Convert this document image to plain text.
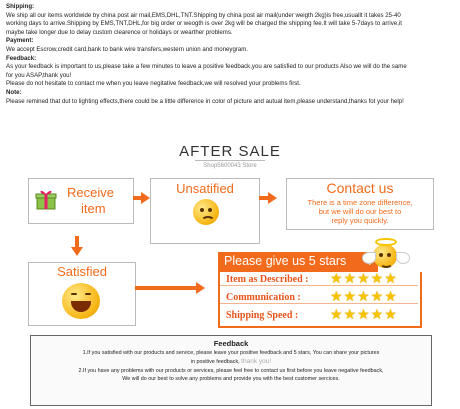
Shipping:

We ship all our items worldwide by china post air mail,EMS,DHL,TNT.Shipping by china post air mail(under weigth 2kg)is free,usuallt it takes 25-40

working days to arrive.Shipping by EMS,TNT,DHL,for big order or weogth is over 2kg will be charged the shipping fee.It will take 5-7days to arrive,it

maybe take longer due to delay custom clearence or holidays or wearther problems.

Payment:

We accept Escrow,credit card,bank to bank wire transfers,western union and moneygram.

Feedback:

As your feedback is important to us,please take a few minutes to leave a positive feedback,you are satisfied to our products Also we will do the same

for you ASAP,thank you!

Please do not hesitate to contact me when you leave negitative feedback,we will resolved your problems first.

Note:

Please remined that dut to lighting effects,there could be a little difference in color of picture and autual item,please understand,thanks fot your help!

AFTER SALE
Shop5600043 Store
Receive
item
Unsatified	Contact us
There is a time zone difference,
but we will do our best to
reply you quickly.
Satisfied
Please give us 5 stars
Item as Described : ★★★★★
Communication : ★★★★★
Shipping Speed : ★★★★★
Feedback

1.If you satisfied with our products and service, please leave your positive feedback and 5 stars, You can share your pictures

in positive feedback, thank you!

2.If you have any problems with our products or services, please feel free to contact us first before you leave negative feedback,

We will do our best to solve any problems and provide you with the best customer sercices.
